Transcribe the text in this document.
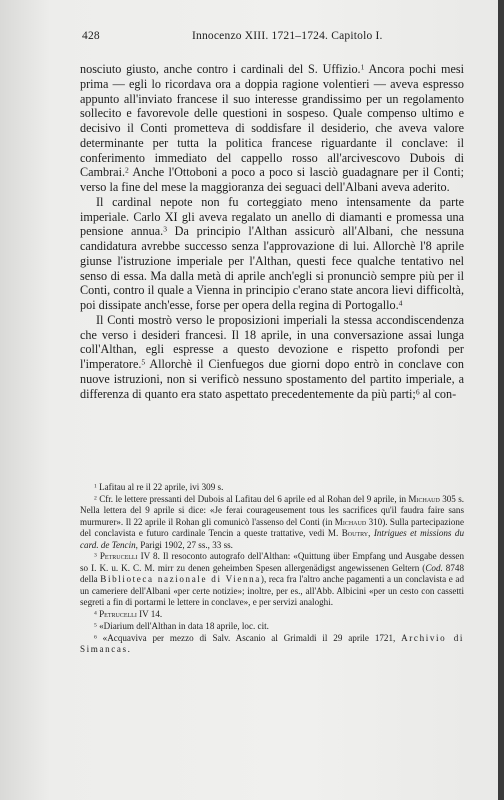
428	Innocenzo XIII. 1721–1724. Capitolo I.

nosciuto giusto, anche contro i cardinali del S. Uffizio.$^1$ Ancora pochi mesi prima — egli lo ricordava ora a doppia ragione volentieri — aveva espresso appunto all'inviato francese il suo interesse grandissimo per un regolamento sollecito e favorevole delle questioni in sospeso. Quale compenso ultimo e decisivo il Conti prometteva di soddisfare il desiderio, che aveva valore determinante per tutta la politica francese riguardante il conclave: il conferimento immediato del cappello rosso all'arcivescovo Dubois di Cambrai.$^2$ Anche l'Ottoboni a poco a poco si lasciò guadagnare per il Conti; verso la fine del mese la maggioranza dei seguaci dell'Albani aveva aderito.

Il cardinal nepote non fu corteggiato meno intensamente da parte imperiale. Carlo XI gli aveva regalato un anello di diamanti e promessa una pensione annua.$^3$ Da principio l'Althan assicurò all'Albani, che nessuna candidatura avrebbe successo senza l'approvazione di lui. Allorchè l'8 aprile giunse l'istruzione imperiale per l'Althan, questi fece qualche tentativo nel senso di essa. Ma dalla metà di aprile anch'egli si pronunciò sempre più per il Conti, contro il quale a Vienna in principio c'erano state ancora lievi difficoltà, poi dissipate anch'esse, forse per opera della regina di Portogallo.$^4$

Il Conti mostrò verso le proposizioni imperiali la stessa accondiscendenza che verso i desideri francesi. Il 18 aprile, in una conversazione assai lunga coll'Althan, egli espresse a questo devozione e rispetto profondi per l'imperatore.$^5$ Allorchè il Cienfuegos due giorni dopo entrò in conclave con nuove istruzioni, non si verificò nessuno spostamento del partito imperiale, a differenza di quanto era stato aspettato precedentemente da più parti;$^6$ al con-

$^1$ Lafitau al re il 22 aprile, ivi 309 s.

$^2$ Cfr. le lettere pressanti del Dubois al Lafitau del 6 aprile ed al Rohan del 9 aprile, in Michaud 305 s. Nella lettera del 9 aprile si dice: «Je ferai courageusement tous les sacrifices qu'il faudra faire sans murmurer». Il 22 aprile il Rohan gli comunicò l'assenso del Conti (in Michaud 310). Sulla partecipazione del conclavista e futuro cardinale Tencin a queste trattative, vedi M. Boutry, Intrigues et missions du card. de Tencin, Parigi 1902, 27 ss., 33 ss.

$^3$ Petrucelli IV 8. Il resoconto autografo dell'Althan: «Quittung über Empfang und Ausgabe dessen so I. K. u. K. C. M. mirr zu denen geheimben Spesen allergenädigst angewissenen Geltern (Cod. 8748 della Biblioteca nazionale di Vienna), reca fra l'altro anche pagamenti a un conclavista e ad un cameriere dell'Albani «per certe notizie»; inoltre, per es., all'Abb. Albicini «per un cesto con cassetti segreti a fin di portarmi le lettere in conclave», e per servizi analoghi.

$^4$ Petrucelli IV 14.

$^5$ «Diarium dell'Althan in data 18 aprile, loc. cit.

$^6$ «Acquaviva per mezzo di Salv. Ascanio al Grimaldi il 29 aprile 1721, Archivio di Simancas.
